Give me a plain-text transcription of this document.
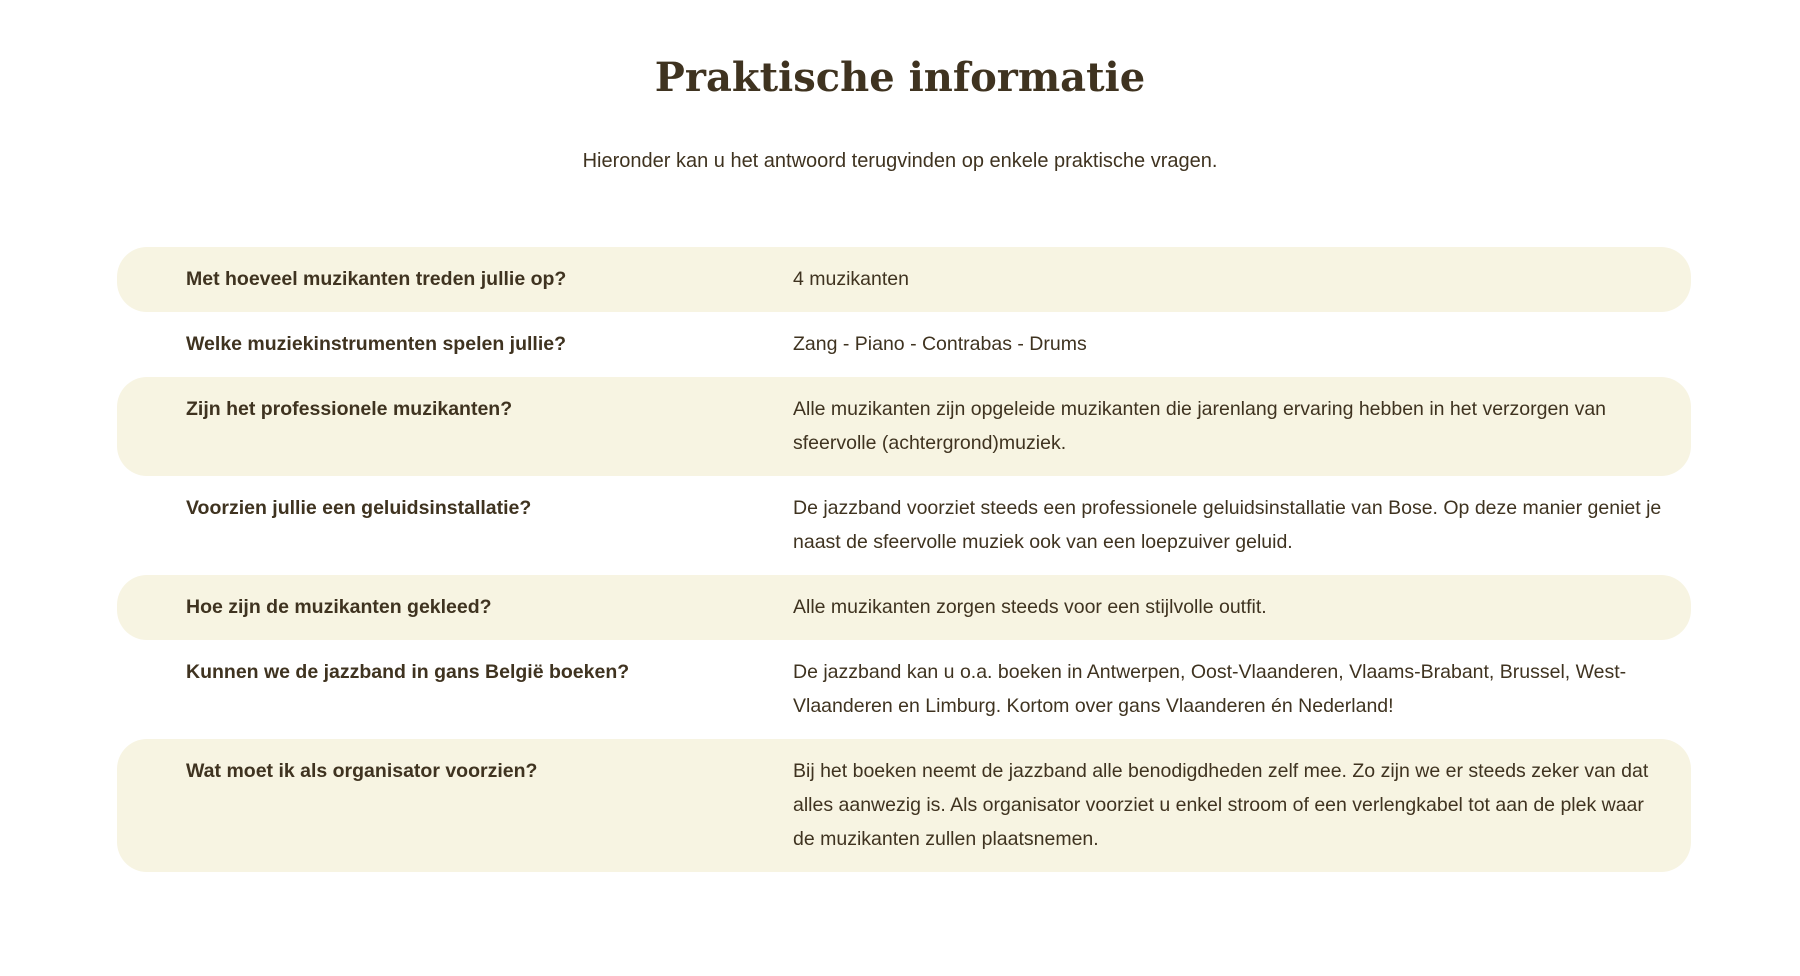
Praktische informatie

Hieronder kan u het antwoord terugvinden op enkele praktische vragen.

Met hoeveel muzikanten treden jullie op?	4 muzikanten
Welke muziekinstrumenten spelen jullie?	Zang - Piano - Contrabas - Drums
Zijn het professionele muzikanten?	Alle muzikanten zijn opgeleide muzikanten die jarenlang ervaring hebben in het verzorgen van sfeervolle (achtergrond)muziek.
Voorzien jullie een geluidsinstallatie?	De jazzband voorziet steeds een professionele geluidsinstallatie van Bose. Op deze manier geniet je naast de sfeervolle muziek ook van een loepzuiver geluid.
Hoe zijn de muzikanten gekleed?	Alle muzikanten zorgen steeds voor een stijlvolle outfit.
Kunnen we de jazzband in gans België boeken?	De jazzband kan u o.a. boeken in Antwerpen, Oost-Vlaanderen, Vlaams-Brabant, Brussel, West-Vlaanderen en Limburg. Kortom over gans Vlaanderen én Nederland!
Wat moet ik als organisator voorzien?	Bij het boeken neemt de jazzband alle benodigdheden zelf mee. Zo zijn we er steeds zeker van dat alles aanwezig is. Als organisator voorziet u enkel stroom of een verlengkabel tot aan de plek waar de muzikanten zullen plaatsnemen.
